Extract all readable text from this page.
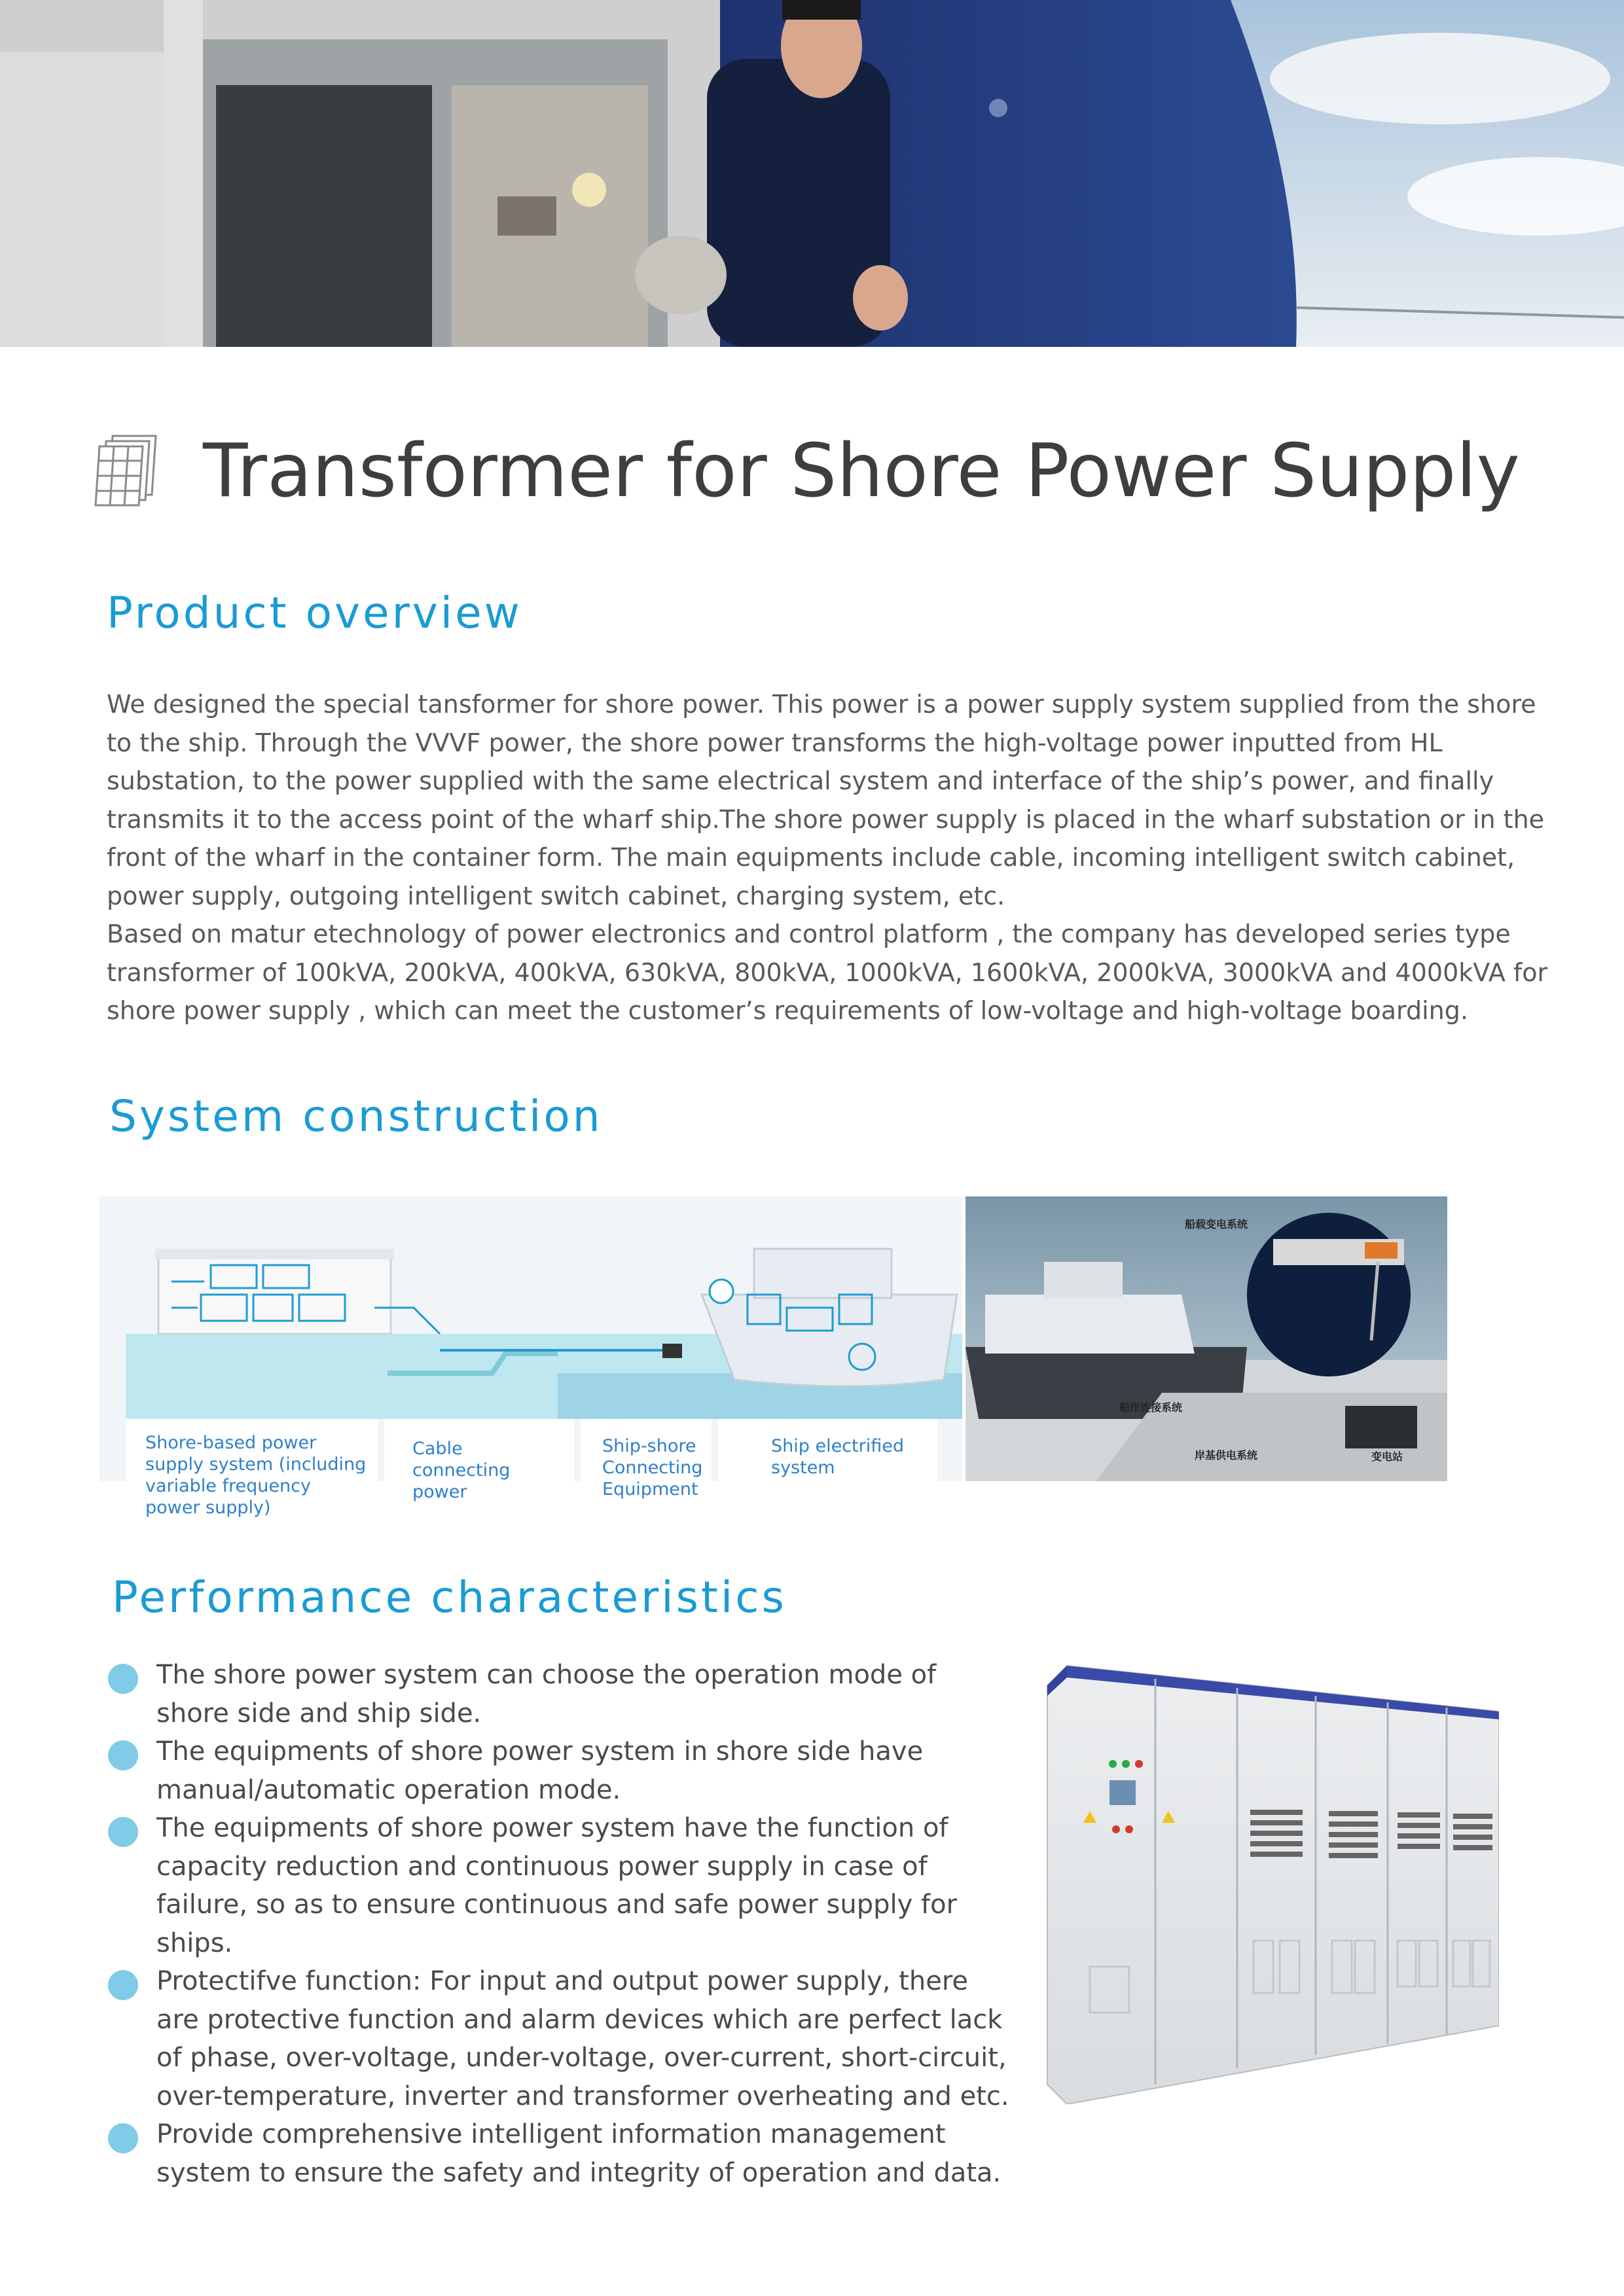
Transformer for Shore Power Supply
Product overview

We designed the special tansformer for shore power. This power is a power supply system supplied from the shore to the ship. Through the VVVF power, the shore power transforms the high-voltage power inputted from HL substation, to the power supplied with the same electrical system and interface of the ship’s power, and finally transmits it to the access point of the wharf ship.The shore power supply is placed in the wharf substation or in the front of the wharf in the container form. The main equipments include cable, incoming intelligent switch cabinet, power supply, outgoing intelligent switch cabinet, charging system, etc.

Based on matur etechnology of power electronics and control platform , the company has developed series type transformer of 100kVA, 200kVA, 400kVA, 630kVA, 800kVA, 1000kVA, 1600kVA, 2000kVA, 3000kVA and 4000kVA for shore power supply , which can meet the customer’s requirements of low-voltage and high-voltage boarding.

System construction
Shore-based power supply system (including variable frequency power supply)
Cable connecting power
Ship-shore Connecting Equipment
Ship electrified system
船载变电系统
船岸连接系统
岸基供电系统	变电站
Performance characteristics
The shore power system can choose the operation mode of shore side and ship side.
The equipments of shore power system in shore side have manual/automatic operation mode.
The equipments of shore power system have the function of capacity reduction and continuous power supply in case of failure, so as to ensure continuous and safe power supply for ships.
Protectifve function: For input and output power supply, there are protective function and alarm devices which are perfect lack of phase, over-voltage, under-voltage, over-current, short-circuit, over-temperature, inverter and transformer overheating and etc.
Provide comprehensive intelligent information management system to ensure the safety and integrity of operation and data.
